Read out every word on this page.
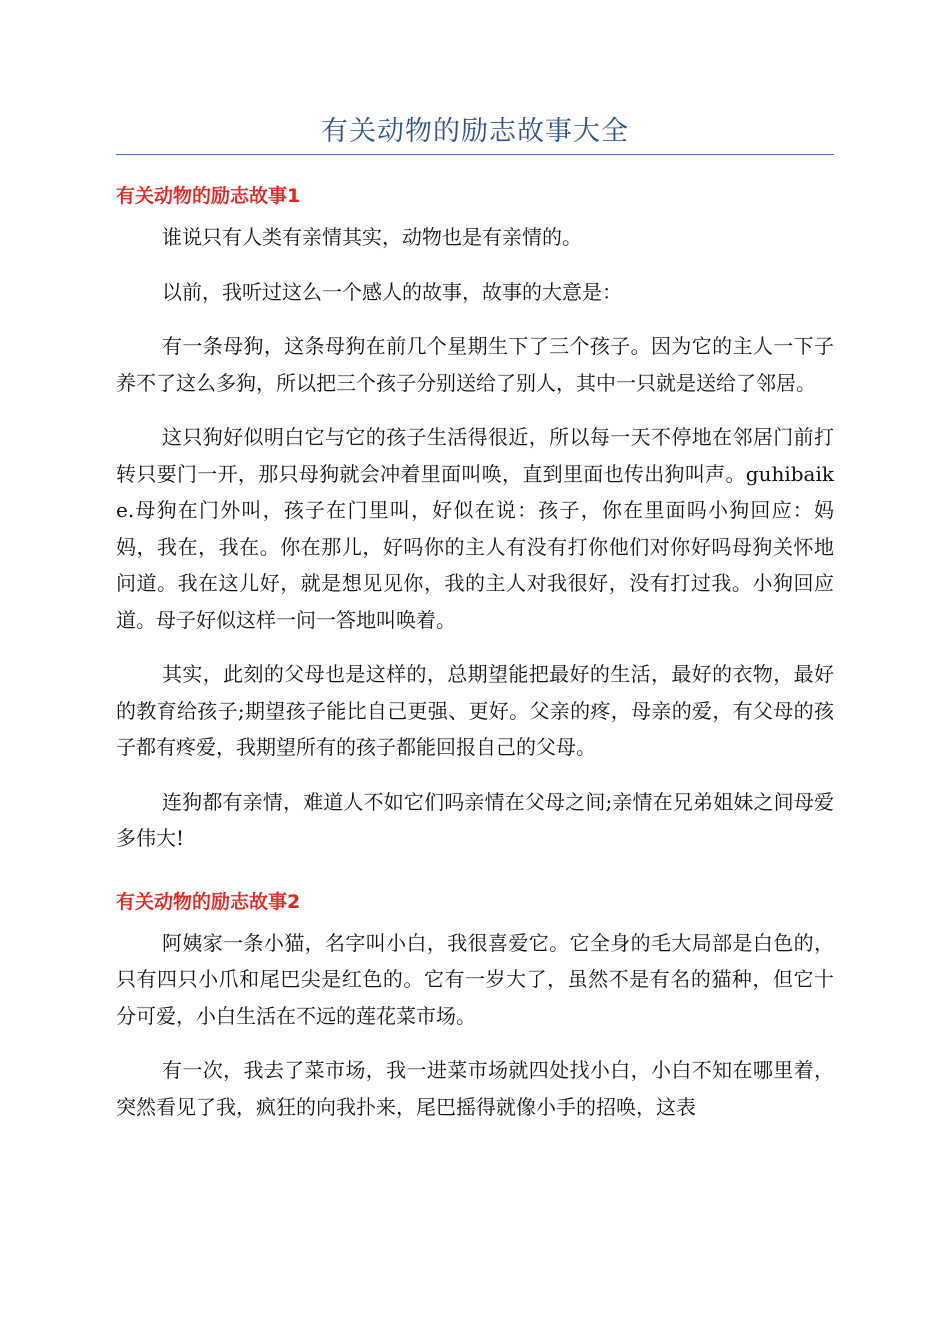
有关动物的励志故事大全
有关动物的励志故事1

谁说只有人类有亲情其实，动物也是有亲情的。

以前，我听过这么一个感人的故事，故事的大意是：

有一条母狗，这条母狗在前几个星期生下了三个孩子。因为它的主人一下子养不了这么多狗，所以把三个孩子分别送给了别人，其中一只就是送给了邻居。

这只狗好似明白它与它的孩子生活得很近，所以每一天不停地在邻居门前打转只要门一开，那只母狗就会冲着里面叫唤，直到里面也传出狗叫声。guhibaike.母狗在门外叫，孩子在门里叫，好似在说：孩子，你在里面吗小狗回应：妈妈，我在，我在。你在那儿，好吗你的主人有没有打你他们对你好吗母狗关怀地问道。我在这儿好，就是想见见你，我的主人对我很好，没有打过我。小狗回应道。母子好似这样一问一答地叫唤着。

其实，此刻的父母也是这样的，总期望能把最好的生活，最好的衣物，最好的教育给孩子;期望孩子能比自己更强、更好。父亲的疼，母亲的爱，有父母的孩子都有疼爱，我期望所有的孩子都能回报自己的父母。

连狗都有亲情，难道人不如它们吗亲情在父母之间;亲情在兄弟姐妹之间母爱多伟大!

有关动物的励志故事2

阿姨家一条小猫，名字叫小白，我很喜爱它。它全身的毛大局部是白色的，只有四只小爪和尾巴尖是红色的。它有一岁大了，虽然不是有名的猫种，但它十分可爱，小白生活在不远的莲花菜市场。

有一次，我去了菜市场，我一进菜市场就四处找小白，小白不知在哪里着，突然看见了我，疯狂的向我扑来，尾巴摇得就像小手的招唤，这表
